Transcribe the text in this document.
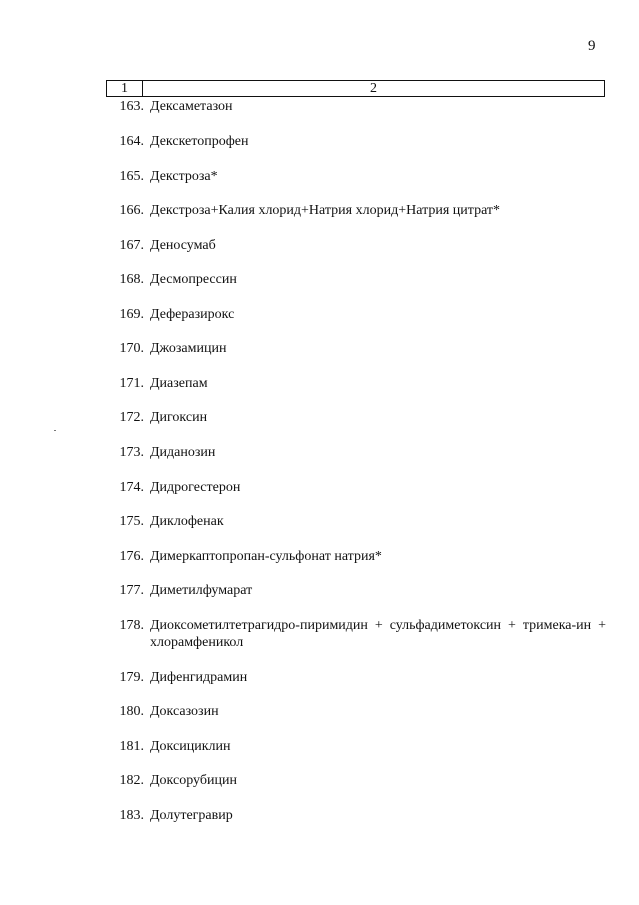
9
1	2
163. Дексаметазон
164. Декскетопрофен
165. Декстроза*
166. Декстроза+Калия хлорид+Натрия хлорид+Натрия цитрат*
167. Деносумаб
168. Десмопрессин
169. Деферазирокс
170. Джозамицин
171. Диазепам
172. Дигоксин
173. Диданозин
174. Дидрогестерон
175. Диклофенак
176. Димеркаптопропан-сульфонат натрия*
177. Диметилфумарат
178. Диоксометилтетрагидро-пиримидин + сульфадиметоксин + тримека-ин + хлорамфеникол
179. Дифенгидрамин
180. Доксазозин
181. Доксициклин
182. Доксорубицин
183. Долутегравир
